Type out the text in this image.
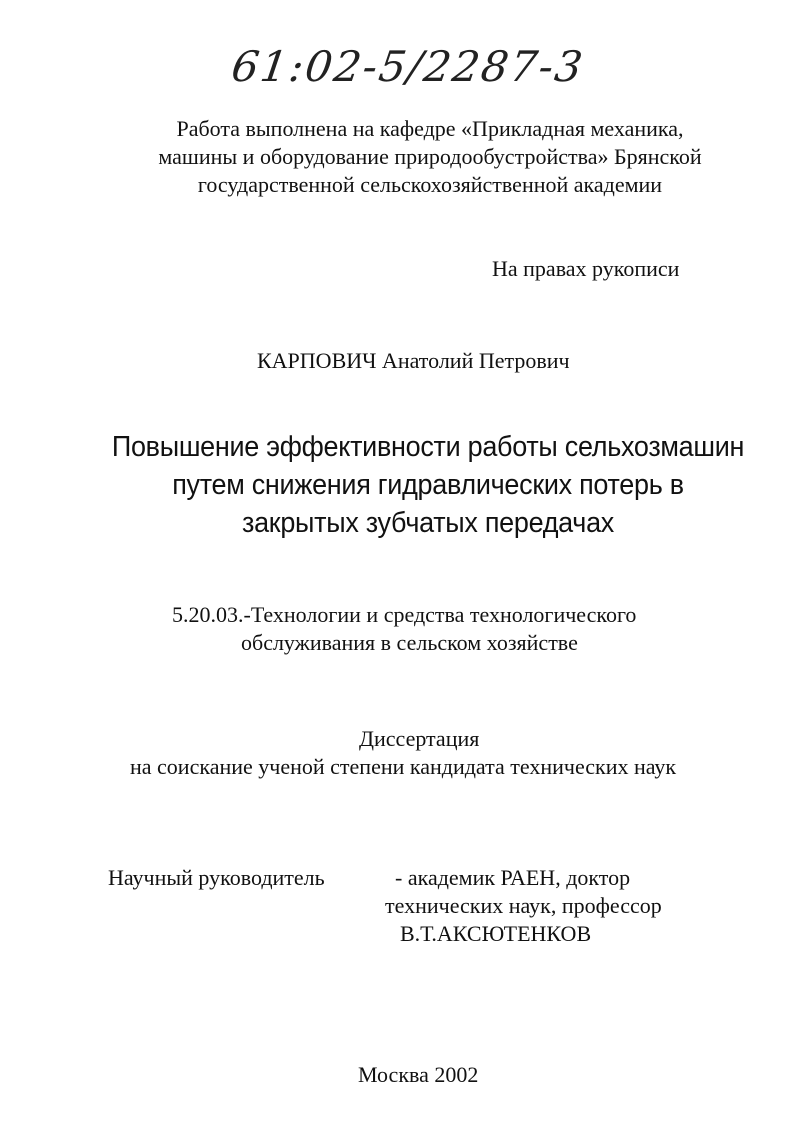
61:02-5/2287-3
Работа выполнена на кафедре «Прикладная механика,
машины и оборудование природообустройства» Брянской
государственной сельскохозяйственной академии
На правах рукописи
КАРПОВИЧ Анатолий Петрович
Повышение эффективности работы сельхозмашин
путем снижения гидравлических потерь в
закрытых зубчатых передачах
5.20.03.-Технологии и средства технологического
обслуживания в сельском хозяйстве
Диссертация
на соискание ученой степени кандидата технических наук
Научный руководитель	- академик РАЕН, доктор
технических наук, профессор
В.Т.АКСЮТЕНКОВ
Москва 2002
